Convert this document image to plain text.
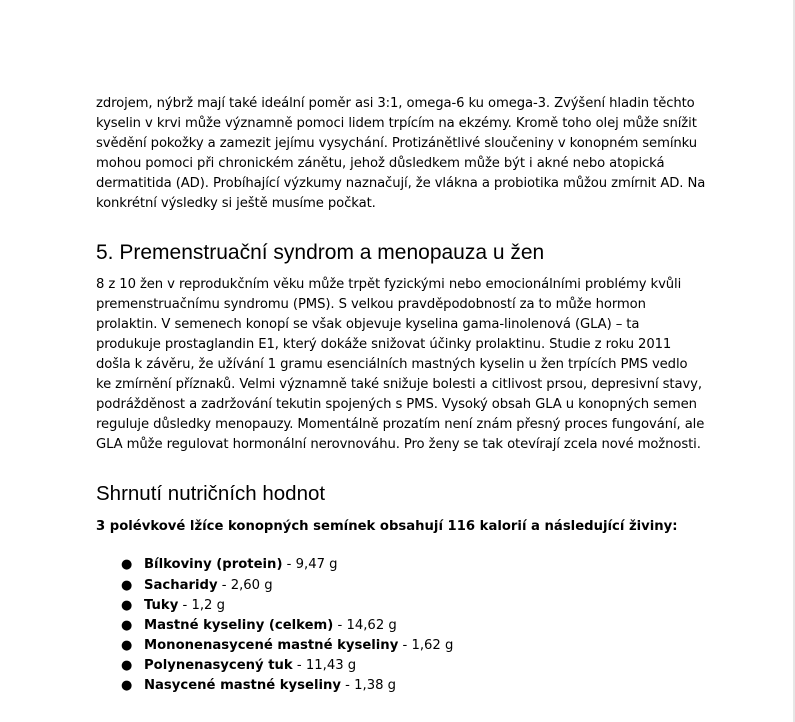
zdrojem, nýbrž mají také ideální poměr asi 3:1, omega-6 ku omega-3. Zvýšení hladin těchto kyselin v krvi může významně pomoci lidem trpícím na ekzémy. Kromě toho olej může snížit svědění pokožky a zamezit jejímu vysychání. Protizánětlivé sloučeniny v konopném semínku mohou pomoci při chronickém zánětu, jehož důsledkem může být i akné nebo atopická dermatitida (AD). Probíhající výzkumy naznačují, že vlákna a probiotika můžou zmírnit AD. Na konkrétní výsledky si ještě musíme počkat.

5. Premenstruační syndrom a menopauza u žen

8 z 10 žen v reprodukčním věku může trpět fyzickými nebo emocionálními problémy kvůli premenstruačnímu syndromu (PMS). S velkou pravděpodobností za to může hormon prolaktin. V semenech konopí se však objevuje kyselina gama-linolenová (GLA) – ta produkuje prostaglandin E1, který dokáže snižovat účinky prolaktinu. Studie z roku 2011 došla k závěru, že užívání 1 gramu esenciálních mastných kyselin u žen trpících PMS vedlo ke zmírnění příznaků. Velmi významně také snižuje bolesti a citlivost prsou, depresivní stavy, podrážděnost a zadržování tekutin spojených s PMS. Vysoký obsah GLA u konopných semen reguluje důsledky menopauzy. Momentálně prozatím není znám přesný proces fungování, ale GLA může regulovat hormonální nerovnováhu. Pro ženy se tak otevírají zcela nové možnosti.

Shrnutí nutričních hodnot

3 polévkové lžíce konopných semínek obsahují 116 kalorií a následující živiny:

● Bílkoviny (protein) - 9,47 g
● Sacharidy - 2,60 g
● Tuky - 1,2 g
● Mastné kyseliny (celkem) - 14,62 g
● Mononenasycené mastné kyseliny - 1,62 g
● Polynenasycený tuk - 11,43 g
● Nasycené mastné kyseliny - 1,38 g
